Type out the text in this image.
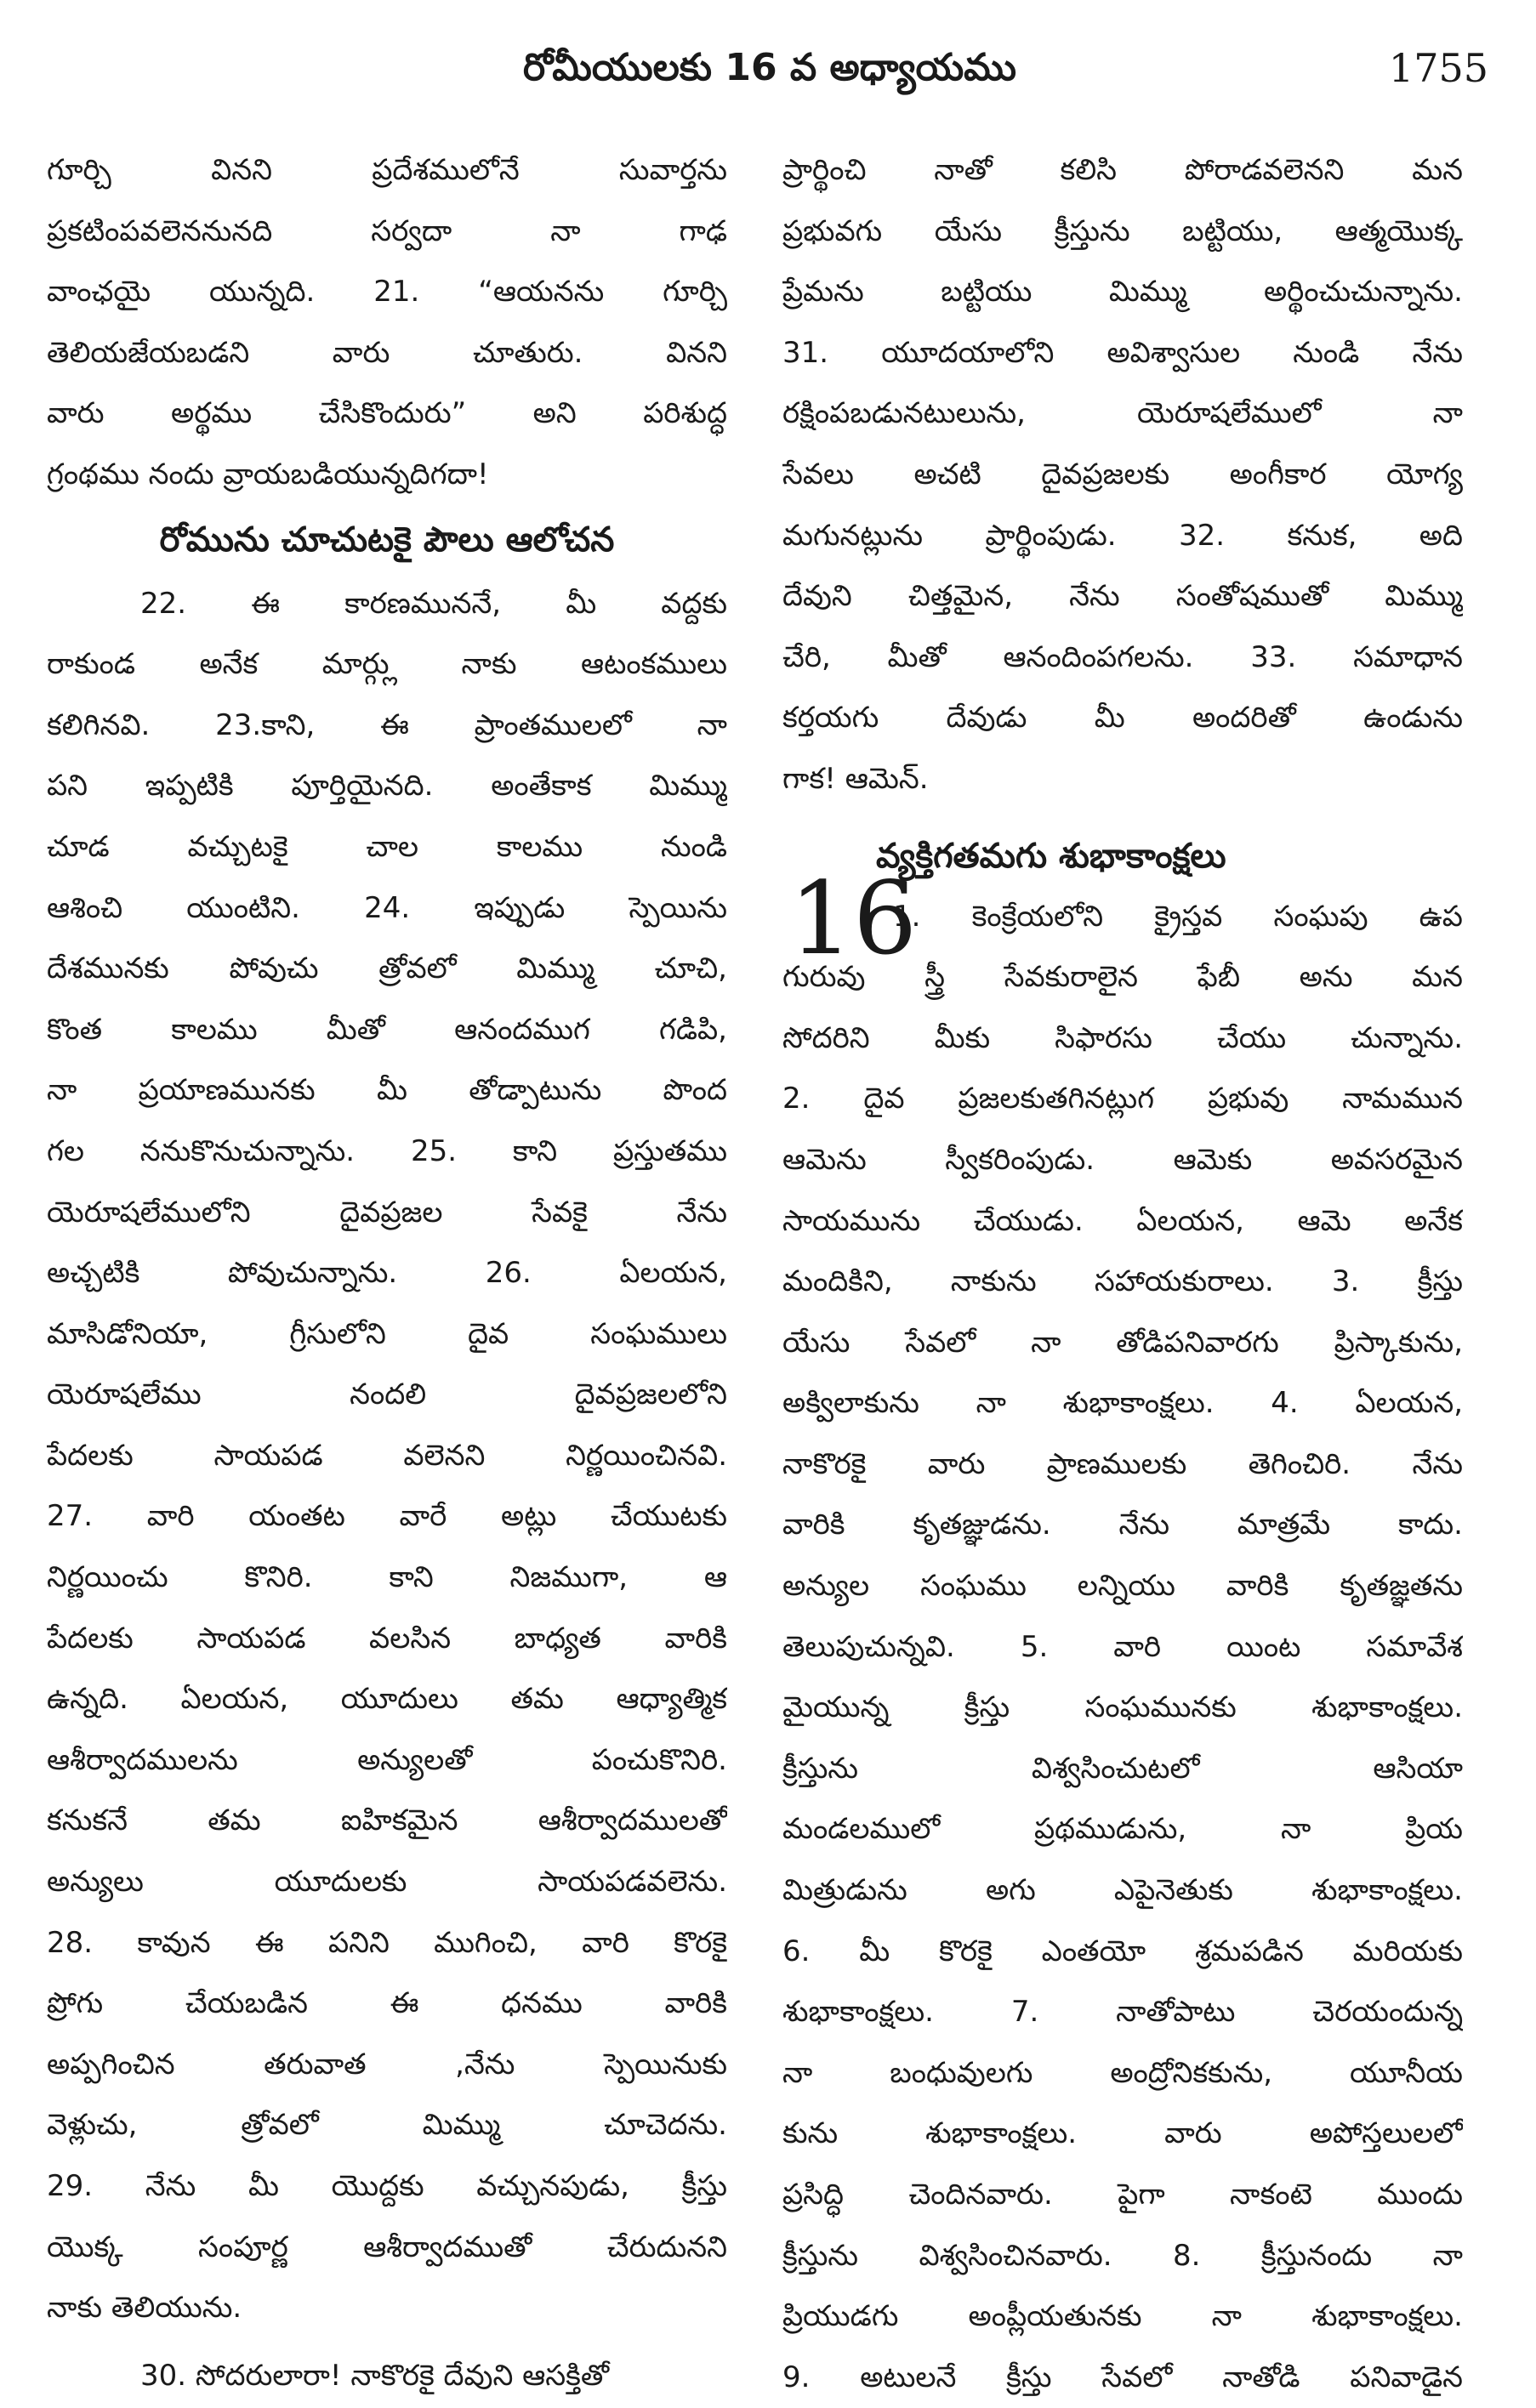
రోమీయులకు 16 వ అధ్యాయము	1755
గూర్చి వినని ప్రదేశములోనే సువార్తను
ప్రకటింపవలెననునది సర్వదా నా గాఢ
వాంఛయై యున్నది. 21. “ఆయనను గూర్చి
తెలియజేయబడని వారు చూతురు. వినని
వారు అర్థము చేసికొందురు” అని పరిశుద్ధ
గ్రంథము నందు వ్రాయబడియున్నదిగదా!
రోమును చూచుటకై పౌలు ఆలోచన
22. ఈ కారణముననే, మీ వద్దకు
రాకుండ అనేక మార్గ్లు నాకు ఆటంకములు
కలిగినవి. 23.కాని, ఈ ప్రాంతములలో నా
పని ఇప్పటికి పూర్తియైనది. అంతేకాక మిమ్ము
చూడ వచ్చుటకై చాల కాలము నుండి
ఆశించి యుంటిని. 24. ఇప్పుడు స్పెయిను
దేశమునకు పోవుచు త్రోవలో మిమ్ము చూచి,
కొంత కాలము మీతో ఆనందముగ గడిపి,
నా ప్రయాణమునకు మీ తోడ్పాటును పొంద
గల ననుకొనుచున్నాను. 25. కాని ప్రస్తుతము
యెరూషలేములోని దైవప్రజల సేవకై నేను
అచ్చటికి పోవుచున్నాను. 26. ఏలయన,
మాసిడోనియా, గ్రీసులోని దైవ సంఘములు
యెరూషలేము నందలి దైవప్రజలలోని
పేదలకు సాయపడ వలెనని నిర్ణయించినవి.
27. వారి యంతట వారే అట్లు చేయుటకు
నిర్ణయించు కొనిరి. కాని నిజముగా, ఆ
పేదలకు సాయపడ వలసిన బాధ్యత వారికి
ఉన్నది. ఏలయన, యూదులు తమ ఆధ్యాత్మిక
ఆశీర్వాదములను అన్యులతో పంచుకొనిరి.
కనుకనే తమ ఐహికమైన ఆశీర్వాదములతో
అన్యులు యూదులకు సాయపడవలెను.
28. కావున ఈ పనిని ముగించి, వారి కొరకై
ప్రోగు చేయబడిన ఈ ధనము వారికి
అప్పగించిన తరువాత ,నేను స్పెయినుకు
వెళ్లుచు, త్రోవలో మిమ్ము చూచెదను.
29. నేను మీ యొద్దకు వచ్చునపుడు, క్రీస్తు
యొక్క సంపూర్ణ ఆశీర్వాదముతో చేరుదునని
నాకు తెలియును.
30. సోదరులారా! నాకొరకై దేవుని ఆసక్తితో
ప్రార్థించి నాతో కలిసి పోరాడవలెనని మన
ప్రభువగు యేసు క్రీస్తును బట్టియు, ఆత్మయొక్క
ప్రేమను బట్టియు మిమ్ము అర్థించుచున్నాను.
31. యూదయాలోని అవిశ్వాసుల నుండి నేను
రక్షింపబడునటులును, యెరూషలేములో నా
సేవలు అచటి దైవప్రజలకు అంగీకార యోగ్య
మగునట్లును ప్రార్థింపుడు. 32. కనుక, అది
దేవుని చిత్తమైన, నేను సంతోషముతో మిమ్ము
చేరి, మీతో ఆనందింపగలను. 33. సమాధాన
కర్తయగు దేవుడు మీ అందరితో ఉండును
గాక! ఆమెన్.
16
వ్యక్తిగతమగు శుభాకాంక్షలు
1. కెంక్రేయలోని క్రైస్తవ సంఘపు ఉప
గురువు స్త్రీ సేవకురాలైన ఫేబీ అను మన
సోదరిని మీకు సిఫారసు చేయు చున్నాను.
2. దైవ ప్రజలకుతగినట్లుగ ప్రభువు నామమున
ఆమెను స్వీకరింపుడు. ఆమెకు అవసరమైన
సాయమును చేయుడు. ఏలయన, ఆమె అనేక
మందికిని, నాకును సహాయకురాలు. 3. క్రీస్తు
యేసు సేవలో నా తోడిపనివారగు ప్రిస్కాకును,
అక్విలాకును నా శుభాకాంక్షలు. 4. ఏలయన,
నాకొరకై వారు ప్రాణములకు తెగించిరి. నేను
వారికి కృతజ్ఞుడను. నేను మాత్రమే కాదు.
అన్యుల సంఘము లన్నియు వారికి కృతజ్ఞతను
తెలుపుచున్నవి. 5. వారి యింట సమావేశ
మైయున్న క్రీస్తు సంఘమునకు శుభాకాంక్షలు.
క్రీస్తును విశ్వసించుటలో ఆసియా
మండలములో ప్రథముడును, నా ప్రియ
మిత్రుడును అగు ఎపైనెతుకు శుభాకాంక్షలు.
6. మీ కొరకై ఎంతయో శ్రమపడిన మరియకు
శుభాకాంక్షలు. 7. నాతోపాటు చెరయందున్న
నా బంధువులగు అంద్రోనికకును, యూనీయ
కును శుభాకాంక్షలు. వారు అపోస్తలులలో
ప్రసిద్ధి చెందినవారు. పైగా నాకంటె ముందు
క్రీస్తును విశ్వసించినవారు. 8. క్రీస్తునందు నా
ప్రియుడగు అంప్లీయతునకు నా శుభాకాంక్షలు.
9. అటులనే క్రీస్తు సేవలో నాతోడి పనివాడైన
